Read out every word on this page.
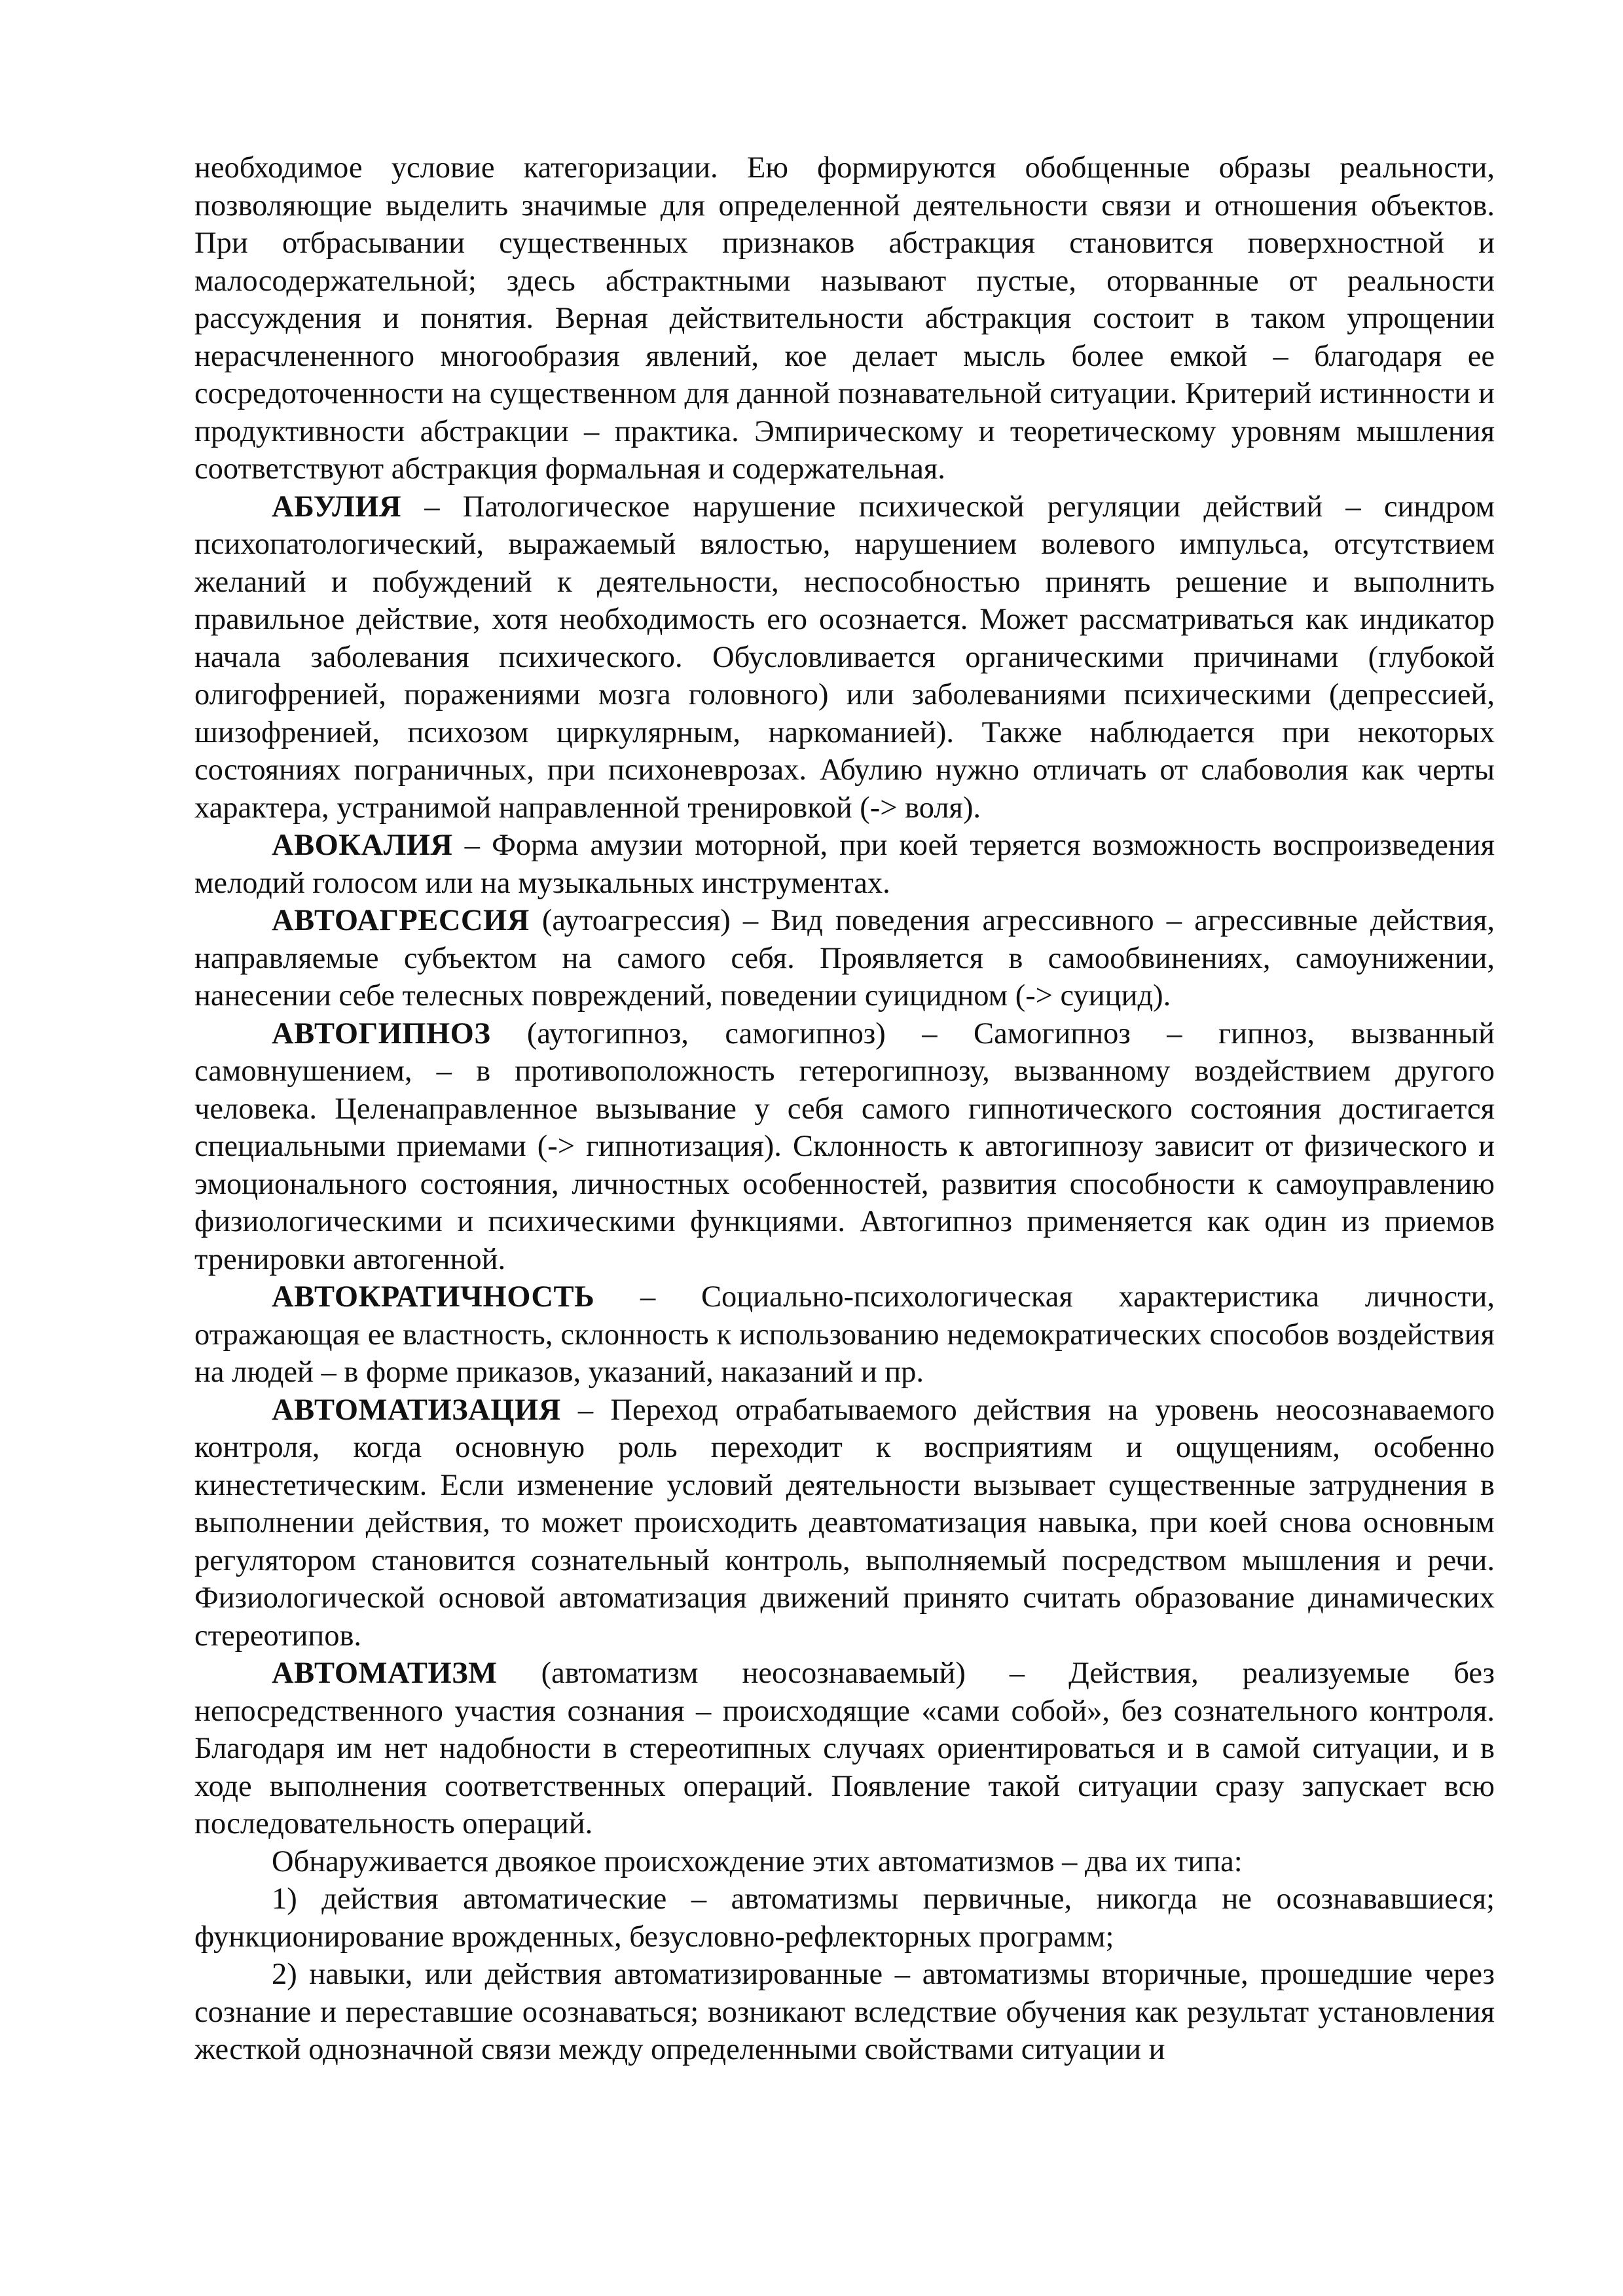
необходимое условие категоризации. Ею формируются обобщенные образы реальности, позволяющие выделить значимые для определенной деятельности связи и отношения объектов. При отбрасывании существенных признаков абстракция становится поверхностной и малосодержательной; здесь абстрактными называют пустые, оторванные от реальности рассуждения и понятия. Верная действительности абстракция состоит в таком упрощении нерасчлененного многообразия явлений, кое делает мысль более емкой – благодаря ее сосредоточенности на существенном для данной познавательной ситуации. Критерий истинности и продуктивности абстракции – практика. Эмпирическому и теоретическому уровням мышления соответствуют абстракция формальная и содержательная.

АБУЛИЯ – Патологическое нарушение психической регуляции действий – синдром психопатологический, выражаемый вялостью, нарушением волевого импульса, отсутствием желаний и побуждений к деятельности, неспособностью принять решение и выполнить правильное действие, хотя необходимость его осознается. Может рассматриваться как индикатор начала заболевания психического. Обусловливается органическими причинами (глубокой олигофренией, поражениями мозга головного) или заболеваниями психическими (депрессией, шизофренией, психозом циркулярным, наркоманией). Также наблюдается при некоторых состояниях пограничных, при психоневрозах. Абулию нужно отличать от слабоволия как черты характера, устранимой направленной тренировкой (-> воля).

АВОКАЛИЯ – Форма амузии моторной, при коей теряется возможность воспроизведения мелодий голосом или на музыкальных инструментах.

АВТОАГРЕССИЯ (аутоагрессия) – Вид поведения агрессивного – агрессивные действия, направляемые субъектом на самого себя. Проявляется в самообвинениях, самоунижении, нанесении себе телесных повреждений, поведении суицидном (-> суицид).

АВТОГИПНОЗ (аутогипноз, самогипноз) – Самогипноз – гипноз, вызванный самовнушением, – в противоположность гетерогипнозу, вызванному воздействием другого человека. Целенаправленное вызывание у себя самого гипнотического состояния достигается специальными приемами (-> гипнотизация). Склонность к автогипнозу зависит от физического и эмоционального состояния, личностных особенностей, развития способности к самоуправлению физиологическими и психическими функциями. Автогипноз применяется как один из приемов тренировки автогенной.

АВТОКРАТИЧНОСТЬ – Социально-психологическая характеристика личности, отражающая ее властность, склонность к использованию недемократических способов воздействия на людей – в форме приказов, указаний, наказаний и пр.

АВТОМАТИЗАЦИЯ – Переход отрабатываемого действия на уровень неосознаваемого контроля, когда основную роль переходит к восприятиям и ощущениям, особенно кинестетическим. Если изменение условий деятельности вызывает существенные затруднения в выполнении действия, то может происходить деавтоматизация навыка, при коей снова основным регулятором становится сознательный контроль, выполняемый посредством мышления и речи. Физиологической основой автоматизация движений принято считать образование динамических стереотипов.

АВТОМАТИЗМ (автоматизм неосознаваемый) – Действия, реализуемые без непосредственного участия сознания – происходящие «сами собой», без сознательного контроля. Благодаря им нет надобности в стереотипных случаях ориентироваться и в самой ситуации, и в ходе выполнения соответственных операций. Появление такой ситуации сразу запускает всю последовательность операций.

Обнаруживается двоякое происхождение этих автоматизмов – два их типа:

1) действия автоматические – автоматизмы первичные, никогда не осознававшиеся; функционирование врожденных, безусловно-рефлекторных программ;

2) навыки, или действия автоматизированные – автоматизмы вторичные, прошедшие через сознание и переставшие осознаваться; возникают вследствие обучения как результат установления жесткой однозначной связи между определенными свойствами ситуации и
